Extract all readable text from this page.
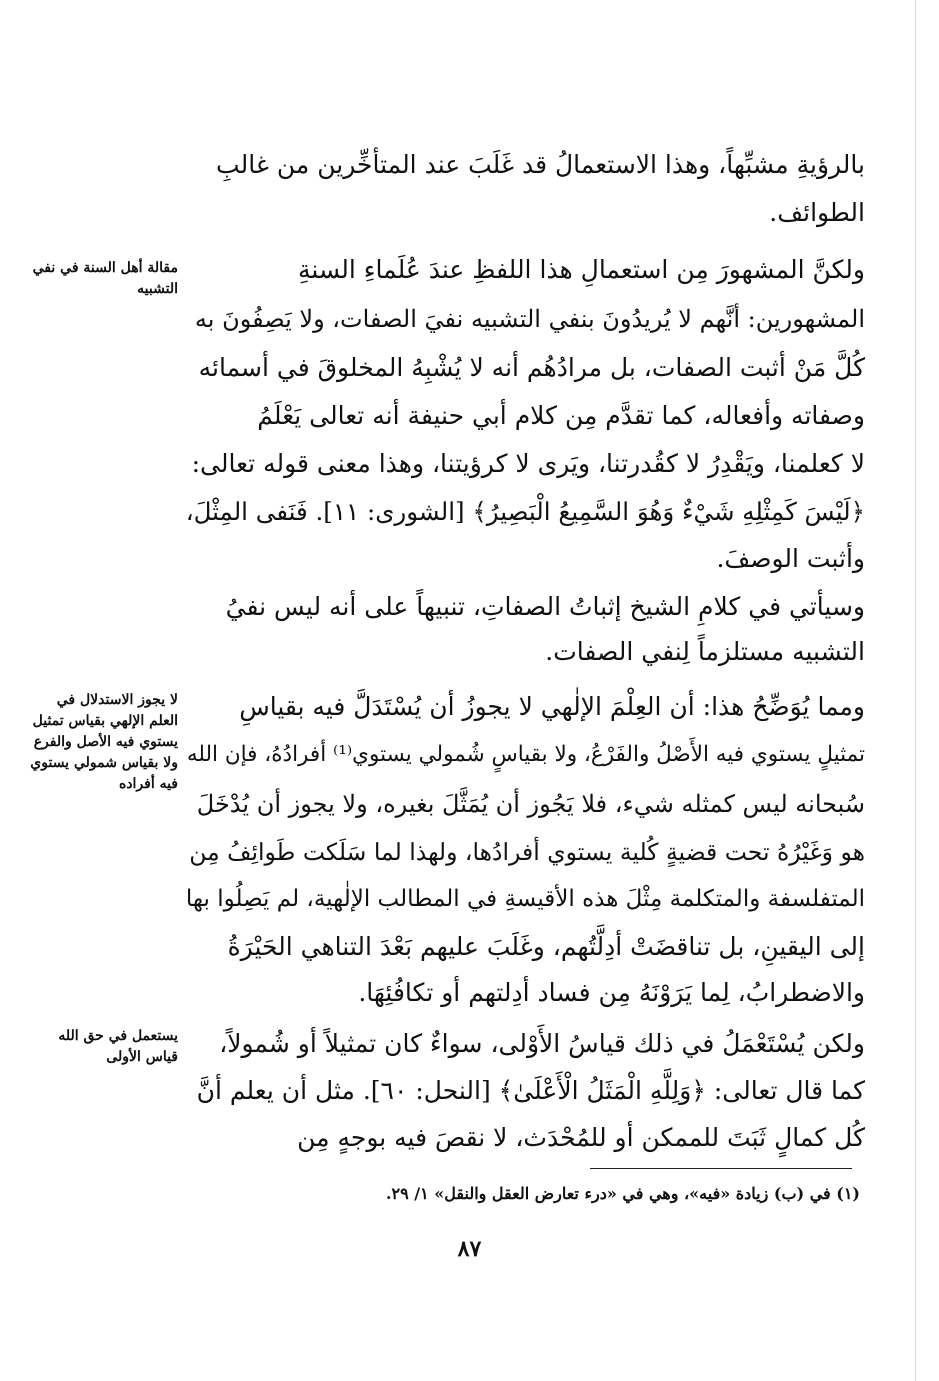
بالرؤيةِ مشبِّهاً، وهذا الاستعمالُ قد غَلَبَ عند المتأخِّرين من غالبِ
الطوائف.
ولكنَّ المشهورَ مِن استعمالِ هذا اللفظِ عندَ عُلَماءِ السنةِ
المشهورين: أنَّهم لا يُريدُونَ بنفي التشبيه نفيَ الصفات، ولا يَصِفُونَ به
كُلَّ مَنْ أثبت الصفات، بل مرادُهُم أنه لا يُشْبِهُ المخلوقَ في أسمائه
وصفاته وأفعاله، كما تقدَّم مِن كلام أبي حنيفة أنه تعالى يَعْلَمُ
لا كعلمنا، ويَقْدِرُ لا كقُدرتنا، ويَرى لا كرؤيتنا، وهذا معنى قوله تعالى:
﴿لَيْسَ كَمِثْلِهِ شَيْءٌ وَهُوَ السَّمِيعُ الْبَصِيرُ﴾ [الشورى: ١١]. فَنَفى المِثْلَ،
وأثبت الوصفَ.
وسيأتي في كلامِ الشيخ إثباتُ الصفاتِ، تنبيهاً على أنه ليس نفيُ
التشبيه مستلزماً لِنفي الصفات.
ومما يُوَضِّحُ هذا: أن العِلْمَ الإلٰهي لا يجوزُ أن يُسْتَدَلَّ فيه بقياسِ
تمثيلٍ يستوي فيه الأَصْلُ والفَرْعُ، ولا بقياسٍ شُمولي يستوي⁽¹⁾ أفرادُهُ، فإن الله
سُبحانه ليس كمثله شيء، فلا يَجُوز أن يُمَثَّلَ بغيره، ولا يجوز أن يُدْخَلَ
هو وَغَيْرُهُ تحت قضيةٍ كُلية يستوي أفرادُها، ولهذا لما سَلَكت طَوائِفُ مِن
المتفلسفة والمتكلمة مِثْلَ هذه الأقيسةِ في المطالب الإلٰهية، لم يَصِلُوا بها
إلى اليقينِ، بل تناقضَتْ أدِلَّتُهم، وغَلَبَ عليهم بَعْدَ التناهي الحَيْرَةُ
والاضطرابُ، لِما يَرَوْنَهُ مِن فساد أدِلتهم أو تكافُئِهَا.
ولكن يُسْتَعْمَلُ في ذلك قياسُ الأَوْلى، سواءٌ كان تمثيلاً أو شُمولاً،
كما قال تعالى: ﴿وَلِلَّهِ الْمَثَلُ الْأَعْلَىٰ﴾ [النحل: ٦٠]. مثل أن يعلم أنَّ
كُل كمالٍ ثَبَتَ للممكن أو للمُحْدَث، لا نقصَ فيه بوجهٍ مِن
مقالة أهل السنة في نفي التشبيه
لا يجوز الاستدلال في العلم الإلهي بقياس تمثيل يستوي فيه الأصل والفرع ولا بقياس شمولي يستوي فيه أفراده
يستعمل في حق الله قياس الأولى
(١) في (ب) زيادة «فيه»، وهي في «درء تعارض العقل والنقل» ١/ ٢٩.
٨٧
